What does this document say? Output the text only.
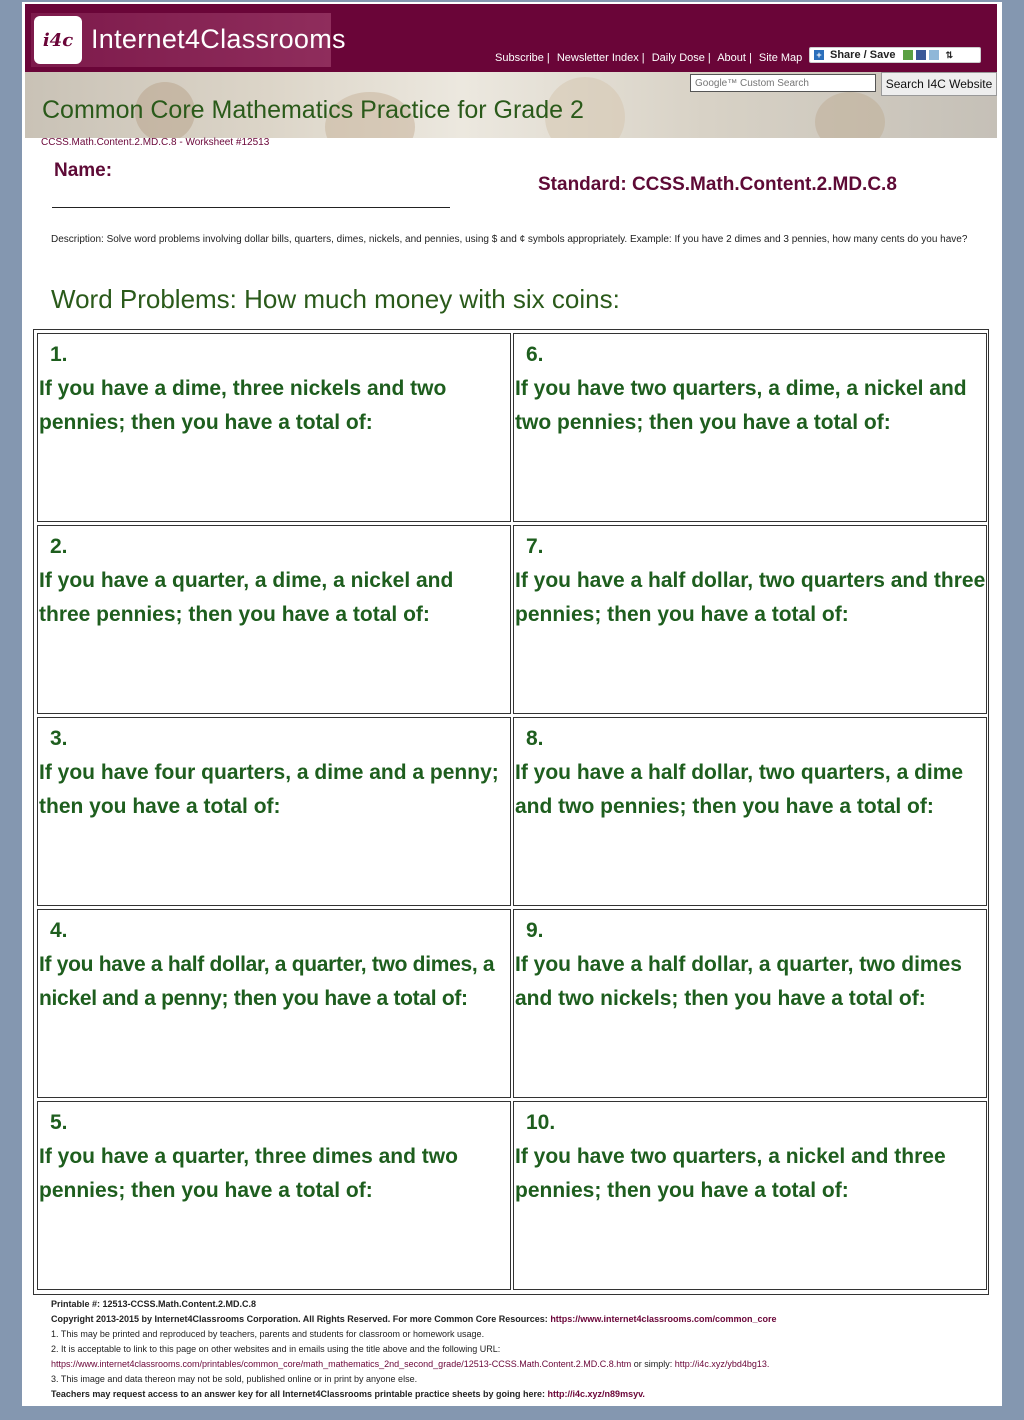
i4c Internet4Classrooms
Subscribe | Newsletter Index | Daily Dose | About | Site Map + Share / Save	⇅
Google™ Custom Search
Search I4C Website
Common Core Mathematics Practice for Grade 2
CCSS.Math.Content.2.MD.C.8 - Worksheet #12513
Name:
Standard: CCSS.Math.Content.2.MD.C.8
Description: Solve word problems involving dollar bills, quarters, dimes, nickels, and pennies, using $ and ¢ symbols appropriately. Example: If you have 2 dimes and 3 pennies, how many cents do you have?
Word Problems: How much money with six coins:
1.
If you have a dime, three nickels and two pennies; then you have a total of:
6.
If you have two quarters, a dime, a nickel and two pennies; then you have a total of:
2.
If you have a quarter, a dime, a nickel and three pennies; then you have a total of:
7.
If you have a half dollar, two quarters and three pennies; then you have a total of:
3.
If you have four quarters, a dime and a penny; then you have a total of:
8.
If you have a half dollar, two quarters, a dime and two pennies; then you have a total of:
4.
If you have a half dollar, a quarter, two dimes, a nickel and a penny; then you have a total of:
9.
If you have a half dollar, a quarter, two dimes and two nickels; then you have a total of:
5.
If you have a quarter, three dimes and two pennies; then you have a total of:
10.
If you have two quarters, a nickel and three pennies; then you have a total of:
Printable #: 12513-CCSS.Math.Content.2.MD.C.8
Copyright 2013-2015 by Internet4Classrooms Corporation. All Rights Reserved. For more Common Core Resources: https://www.internet4classrooms.com/common_core
1. This may be printed and reproduced by teachers, parents and students for classroom or homework usage.
2. It is acceptable to link to this page on other websites and in emails using the title above and the following URL:
https://www.internet4classrooms.com/printables/common_core/math_mathematics_2nd_second_grade/12513-CCSS.Math.Content.2.MD.C.8.htm or simply: http://i4c.xyz/ybd4bg13.
3. This image and data thereon may not be sold, published online or in print by anyone else.
Teachers may request access to an answer key for all Internet4Classrooms printable practice sheets by going here: http://i4c.xyz/n89msyv.
